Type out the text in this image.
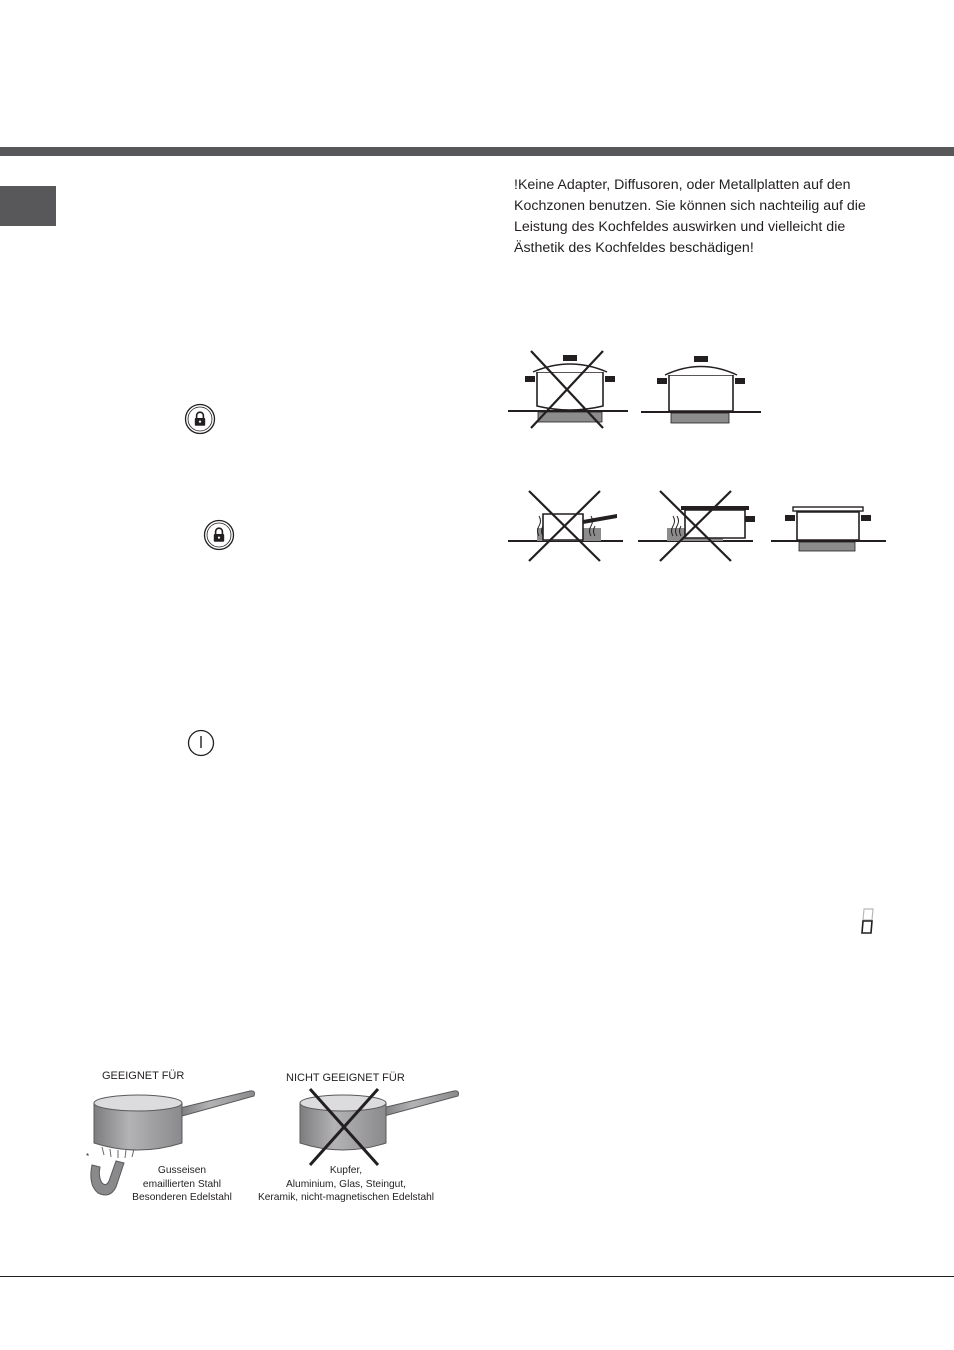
!Keine Adapter, Diffusoren, oder Metallplatten auf den Kochzonen benutzen. Sie können sich nachteilig auf die Leistung des Kochfeldes auswirken und vielleicht die Ästhetik des Kochfeldes beschädigen!

GEEIGNET FÜR	NICHT GEEIGNET FÜR
*
Gusseisen
emaillierten Stahl
Besonderen Edelstahl
Kupfer,
Aluminium, Glas, Steingut,
Keramik, nicht-magnetischen Edelstahl
